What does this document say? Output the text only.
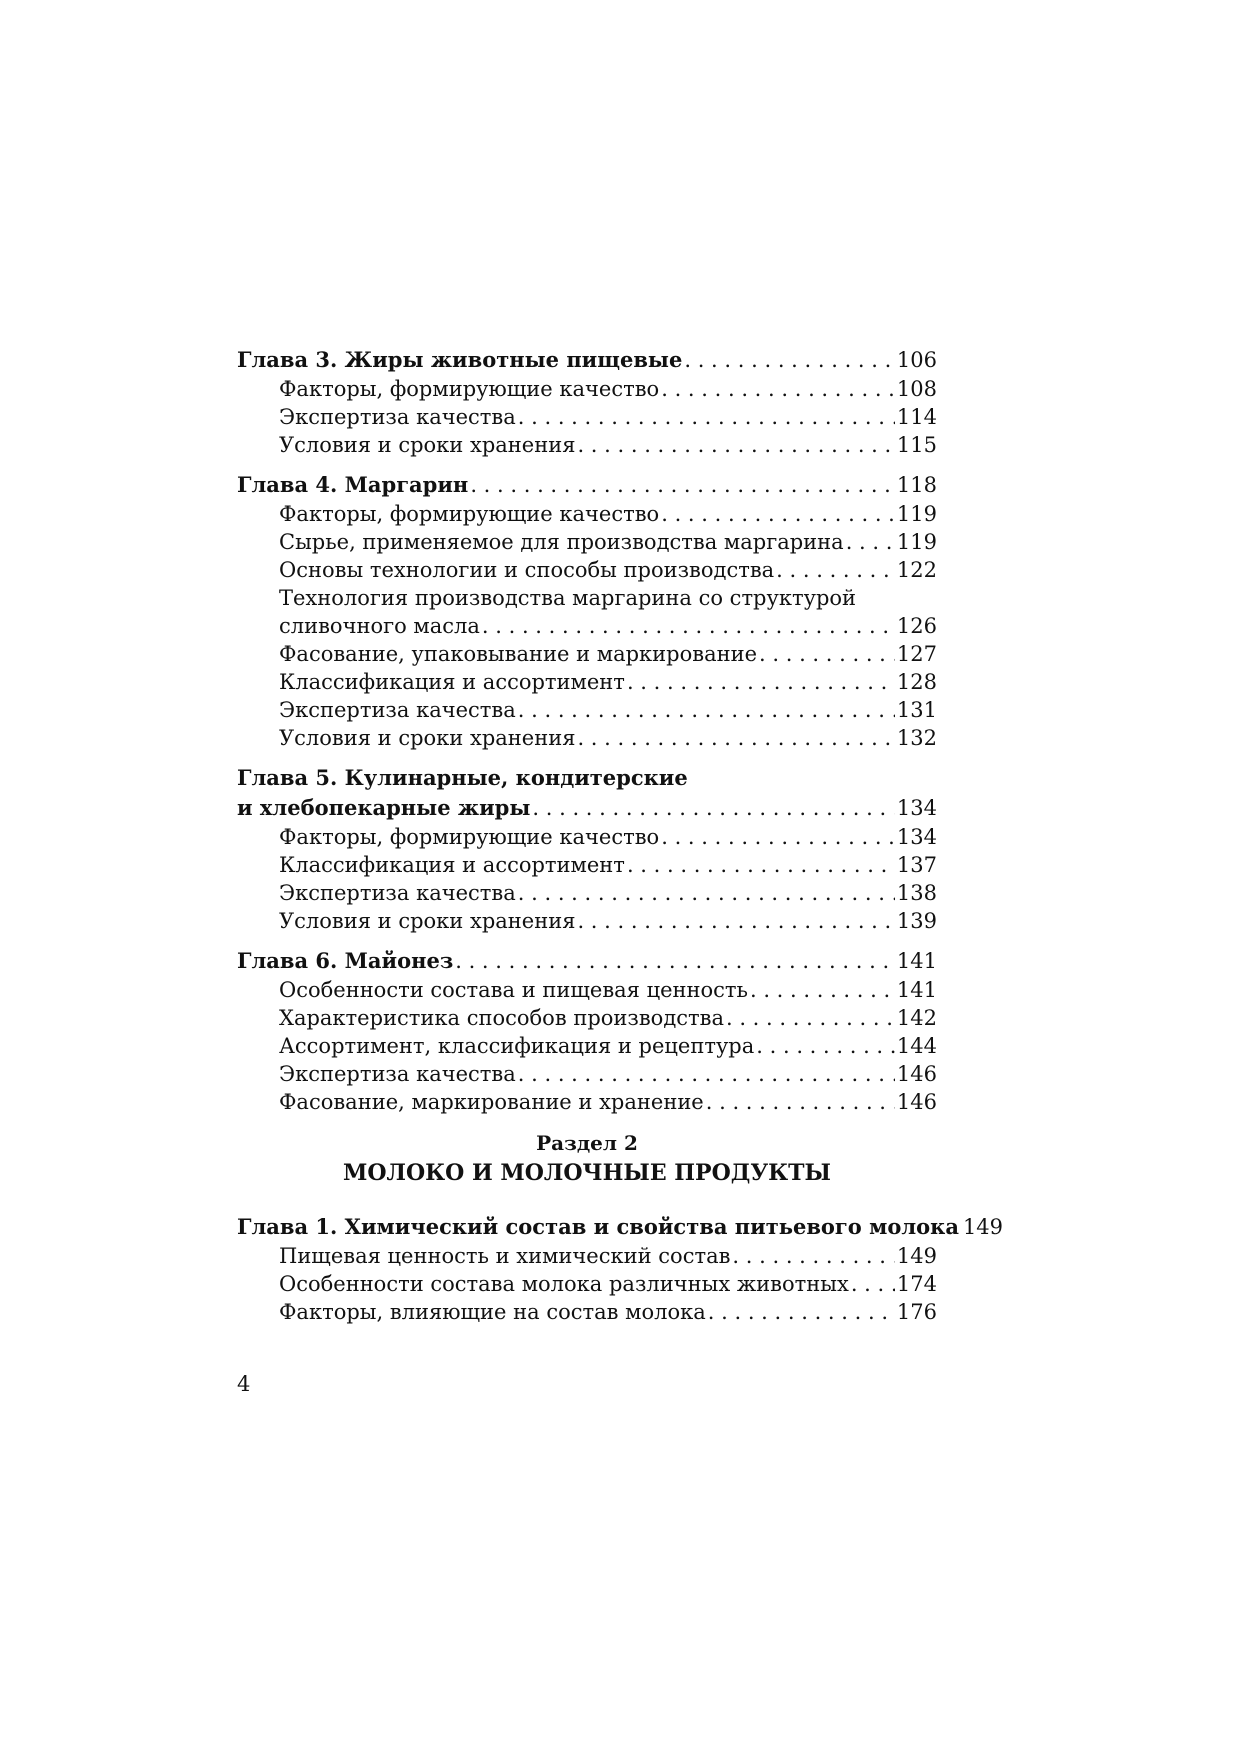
Глава 3. Жиры животные пищевые . . .	106
Факторы, формирующие качество . . .	108
Экспертиза качества . . .	114
Условия и сроки хранения . . .	115
Глава 4. Маргарин . . .	118
Факторы, формирующие качество . . .	119
Сырье, применяемое для производства маргарина . . .	119
Основы технологии и способы производства . . .	122
Технология производства маргарина со структурой
сливочного масла . . .	126
Фасование, упаковывание и маркирование . . .	127
Классификация и ассортимент . . .	128
Экспертиза качества . . .	131
Условия и сроки хранения . . .	132
Глава 5. Кулинарные, кондитерские
и хлебопекарные жиры . . .	134
Факторы, формирующие качество . . .	134
Классификация и ассортимент . . .	137
Экспертиза качества . . .	138
Условия и сроки хранения . . .	139
Глава 6. Майонез . . .	141
Особенности состава и пищевая ценность . . .	141
Характеристика способов производства . . .	142
Ассортимент, классификация и рецептура . . .	144
Экспертиза качества . . .	146
Фасование, маркирование и хранение . . .	146
Раздел 2
МОЛОКО И МОЛОЧНЫЕ ПРОДУКТЫ
Глава 1. Химический состав и свойства питьевого молока 149
Пищевая ценность и химический состав . . .	149
Особенности состава молока различных животных . . . 174
Факторы, влияющие на состав молока . . .	176
4
